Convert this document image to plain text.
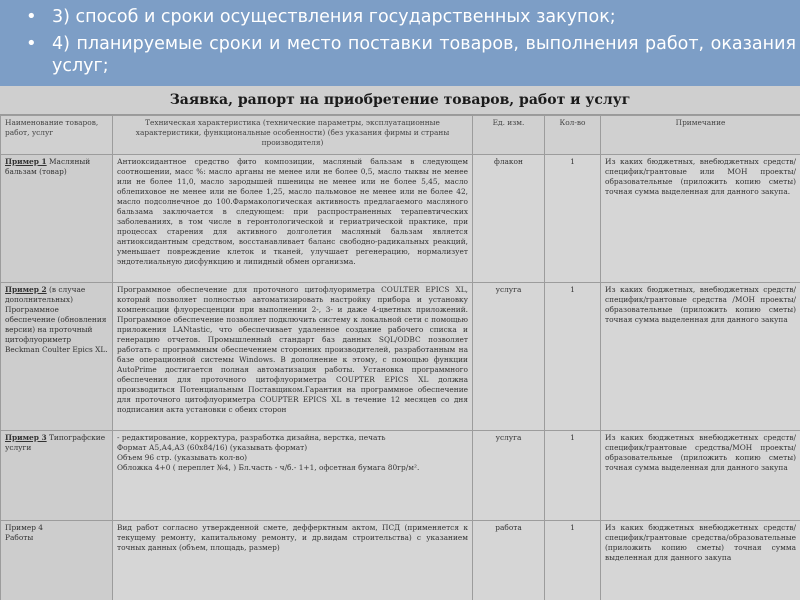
• 3) способ и сроки осуществления государственных закупок;
• 4) планируемые сроки и место поставки товаров, выполнения работ, оказания услуг;
Заявка, рапорт на приобретение товаров, работ и услуг
Наименование товаров, работ, услуг	Техническая характеристика (технические параметры, эксплуатационные характеристики, функциональные особенности) (без указания фирмы и страны производителя)	Ед. изм.	Кол-во	Примечание
Пример 1 Масляный бальзам (товар)	Антиоксидантное средство фито композиции, масляный бальзам в следующем соотношении, масс %: масло арганы не менее или не более 0,5, масло тыквы не менее или не более 11,0, масло зародышей пшеницы не менее или не более 5,45, масло облепиховое не менее или не более 1,25, масло пальмовое не менее или не более 42, масло подсолнечное до 100.Фармакологическая активность предлагаемого масляного бальзама заключается в следующем: при распространенных терапевтических заболеваниях, в том числе в геронтологической и гериатрической практике, при процессах старения для активного долголетия масляный бальзам является антиоксидантным средством, восстанавливает баланс свободно-радикальных реакций, уменьшает повреждение клеток и тканей, улучшает регенерацию, нормализует эндотелиальную дисфункцию и липидный обмен организма.	флакон	1	Из каких бюджетных, внебюджетных средств/специфик/грантовые или МОН проекты/образовательные (приложить копию сметы) точная сумма выделенная для данного закупа.
Пример 2 (в случае дополнительных) Программное обеспечение (обновления версии) на проточный цитофлуориметр Beckman Coulter Epics XL.	Программное обеспечение для проточного цитофлуориметра COULTER EPICS XL, который позволяет полностью автоматизировать настройку прибора и установку компенсации флуоресценции при выполнении 2-, 3- и даже 4-цветных приложений. Программное обеспечение позволяет подключить систему к локальной сети с помощью приложения LANtastic, что обеспечивает удаленное создание рабочего списка и генерацию отчетов. Промышленный стандарт баз данных SQL/ODBC позволяет работать с программным обеспечением сторонних производителей, разработанным на базе операционной системы Windows. В дополнение к этому, с помощью функции AutoPrime достигается полная автоматизация работы. Установка программного обеспечения для проточного цитофлуориметра COUPTER EPICS XL должна производиться Потенциальным Поставщиком.Гарантия на программное обеспечение для проточного цитофлуориметра COUPTER EPICS XL в течение 12 месяцев со дня подписания акта установки с обеих сторон	услуга	1	Из каких бюджетных, внебюджетных средств/специфик/грантовые средства /МОН проекты/образовательные (приложить копию сметы) точная сумма выделенная для данного закупа
Пример 3 Типографские услуги	- редактирование, корректура, разработка дизайна, верстка, печать
Формат А5,А4,А3 (60х84/16) (указывать формат)
Объем 96 стр. (указывать кол-во)
Обложка 4+0 ( переплет №4, ) Бл.часть - ч/б.- 1+1, офсетная бумага 80гр/м².	услуга	1	Из каких бюджетных внебюджетных средств/специфик/грантовые средства/МОН проекты/образовательные (приложить копию сметы) точная сумма выделенная для данного закупа
Пример 4
Работы	Вид работ согласно утвержденной смете, дефферктным актом, ПСД (применяется к текущему ремонту, капитальному ремонту, и др.видам строительства) с указанием точных данных (объем, площадь, размер)	работа	1	Из каких бюджетных внебюджетных средств/специфик/грантовые средства/образовательные (приложить копию сметы) точная сумма выделенная для данного закупа
